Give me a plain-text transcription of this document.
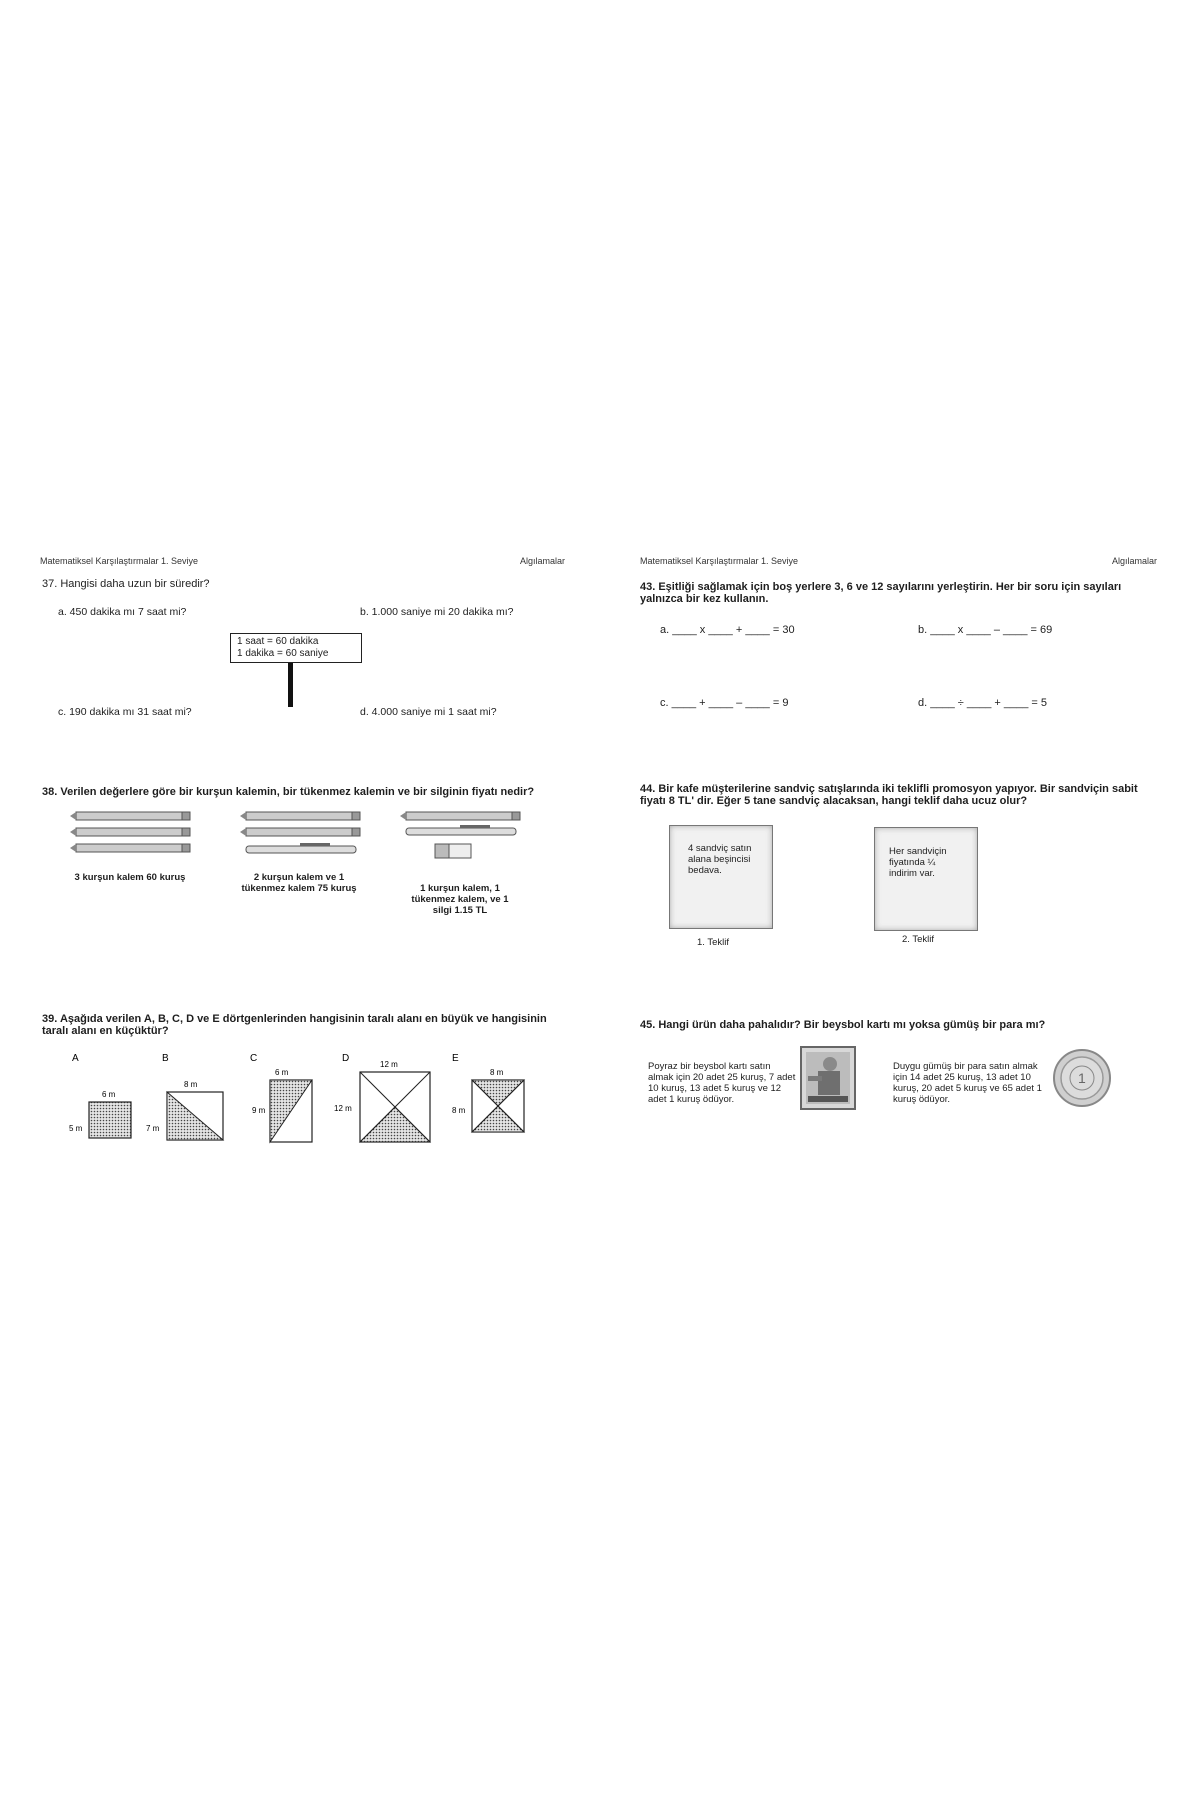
Matematiksel Karşılaştırmalar 1. Seviye	Algılamalar
37. Hangisi daha uzun bir süredir?
a. 450 dakika mı 7 saat mi?	b. 1.000 saniye mi 20 dakika mı?
1 saat = 60 dakika
1 dakika = 60 saniye
c. 190 dakika mı 31 saat mi?	d. 4.000 saniye mi 1 saat mi?
38. Verilen değerlere göre bir kurşun kalemin, bir tükenmez kalemin ve bir silginin fiyatı nedir?
3 kurşun kalem 60 kuruş	2 kurşun kalem ve 1 tükenmez kalem 75 kuruş	1 kurşun kalem, 1 tükenmez kalem, ve 1 silgi 1.15 TL
39. Aşağıda verilen A, B, C, D ve E dörtgenlerinden hangisinin taralı alanı en büyük ve hangisinin taralı alanı en küçüktür?
A
6 m
5 m
B
8 m
7 m
C
6 m
9 m
D
12 m
12 m
E
8 m
8 m
Matematiksel Karşılaştırmalar 1. Seviye	Algılamalar
43. Eşitliği sağlamak için boş yerlere 3, 6 ve 12 sayılarını yerleştirin. Her bir soru için sayıları yalnızca bir kez kullanın.
a. ____ x ____ + ____ = 30	b. ____ x ____ – ____ = 69
c. ____ + ____ – ____ = 9	d. ____ ÷ ____ + ____ = 5
44. Bir kafe müşterilerine sandviç satışlarında iki teklifli promosyon yapıyor. Bir sandviçin sabit fiyatı 8 TL' dir. Eğer 5 tane sandviç alacaksan, hangi teklif daha ucuz olur?
4 sandviç satın alana beşincisi bedava.
1. Teklif
Her sandviçin fiyatında ¼ indirim var.
2. Teklif
45. Hangi ürün daha pahalıdır? Bir beysbol kartı mı yoksa gümüş bir para mı?
Poyraz bir beysbol kartı satın almak için 20 adet 25 kuruş, 7 adet 10 kuruş, 13 adet 5 kuruş ve 12 adet 1 kuruş ödüyor.
Duygu gümüş bir para satın almak için 14 adet 25 kuruş, 13 adet 10 kuruş, 20 adet 5 kuruş ve 65 adet 1 kuruş ödüyor.
1
